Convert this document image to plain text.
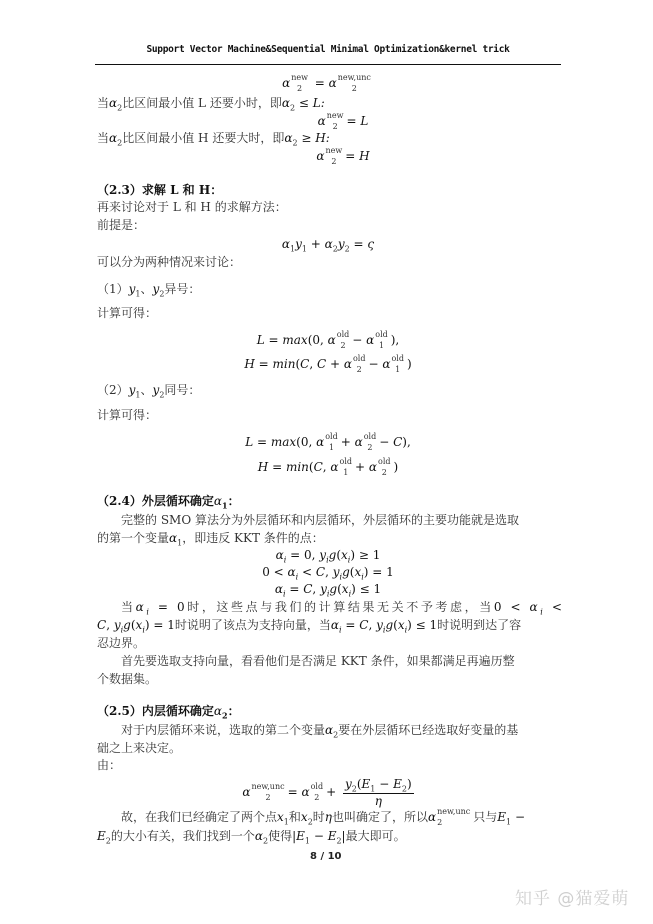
Support Vector Machine&Sequential Minimal Optimization&kernel trick
α new
2 = α new,unc
2
当$\alpha_2$比区间最小值 L 还要小时，即$\alpha_2 \le L$:
α new
2 = L
当$\alpha_2$比区间最小值 H 还要大时，即$\alpha_2 \ge H$:
α new
2 = H
（2.3）求解 L 和 H：
再来讨论对于 L 和 H 的求解方法：
前提是：
$\alpha_1y_1 + \alpha_2y_2 = \varsigma$
可以分为两种情况来讨论：
$(1)y_1$、$y_2$异号：
计算可得：
L = max(0, α old
2 − α old
1 ),
H = min(C, C + α old
2 − α old
1 )
$(2)y_1$、$y_2$同号：
计算可得：
L = max(0, α old
1 + α old
2 − C),
H = min(C, α old
1 + α old
2 )
（2.4）外层循环确定$\alpha_1$：
完整的 SMO 算法分为外层循环和内层循环，外层循环的主要功能就是选取
的第一个变量$\alpha_1$，即违反 KKT 条件的点：
$\alpha_i = 0$, $y_ig(x_i) \ge 1$
$0 < \alpha_i < C$, $y_ig(x_i) = 1$
$\alpha_i = C$, $y_ig(x_i) \le 1$
当$\alpha_i = 0$时，这些点与我们的计算结果无关不予考虑，当$0 < \alpha_i$ <
C, $y_ig(x_i) = 1$时说明了该点为支持向量，当$\alpha_i = C$, $y_ig(x_i) \le 1$时说明到达了容
忍边界。
首先要选取支持向量，看看他们是否满足 KKT 条件，如果都满足再遍历整
个数据集。
（2.5）内层循环确定$\alpha_2$：
对于内层循环来说，选取的第二个变量$\alpha_2$要在外层循环已经选取好变量的基
础之上来决定。
由：
α new,unc
2	= α old
$2 + \frac{y_2(E_1 - E_2)}{\eta}$
故，在我们已经确定了两个点$x_1$和$x_2$时η也叫确定了，所以α new,unc
2	只与$E_1$ −
$E_2$的大小有关，我们找到一个$\alpha_2$使得$|E_1 - E_2|$最大即可。
8 / 10
知乎 @猫爱萌
